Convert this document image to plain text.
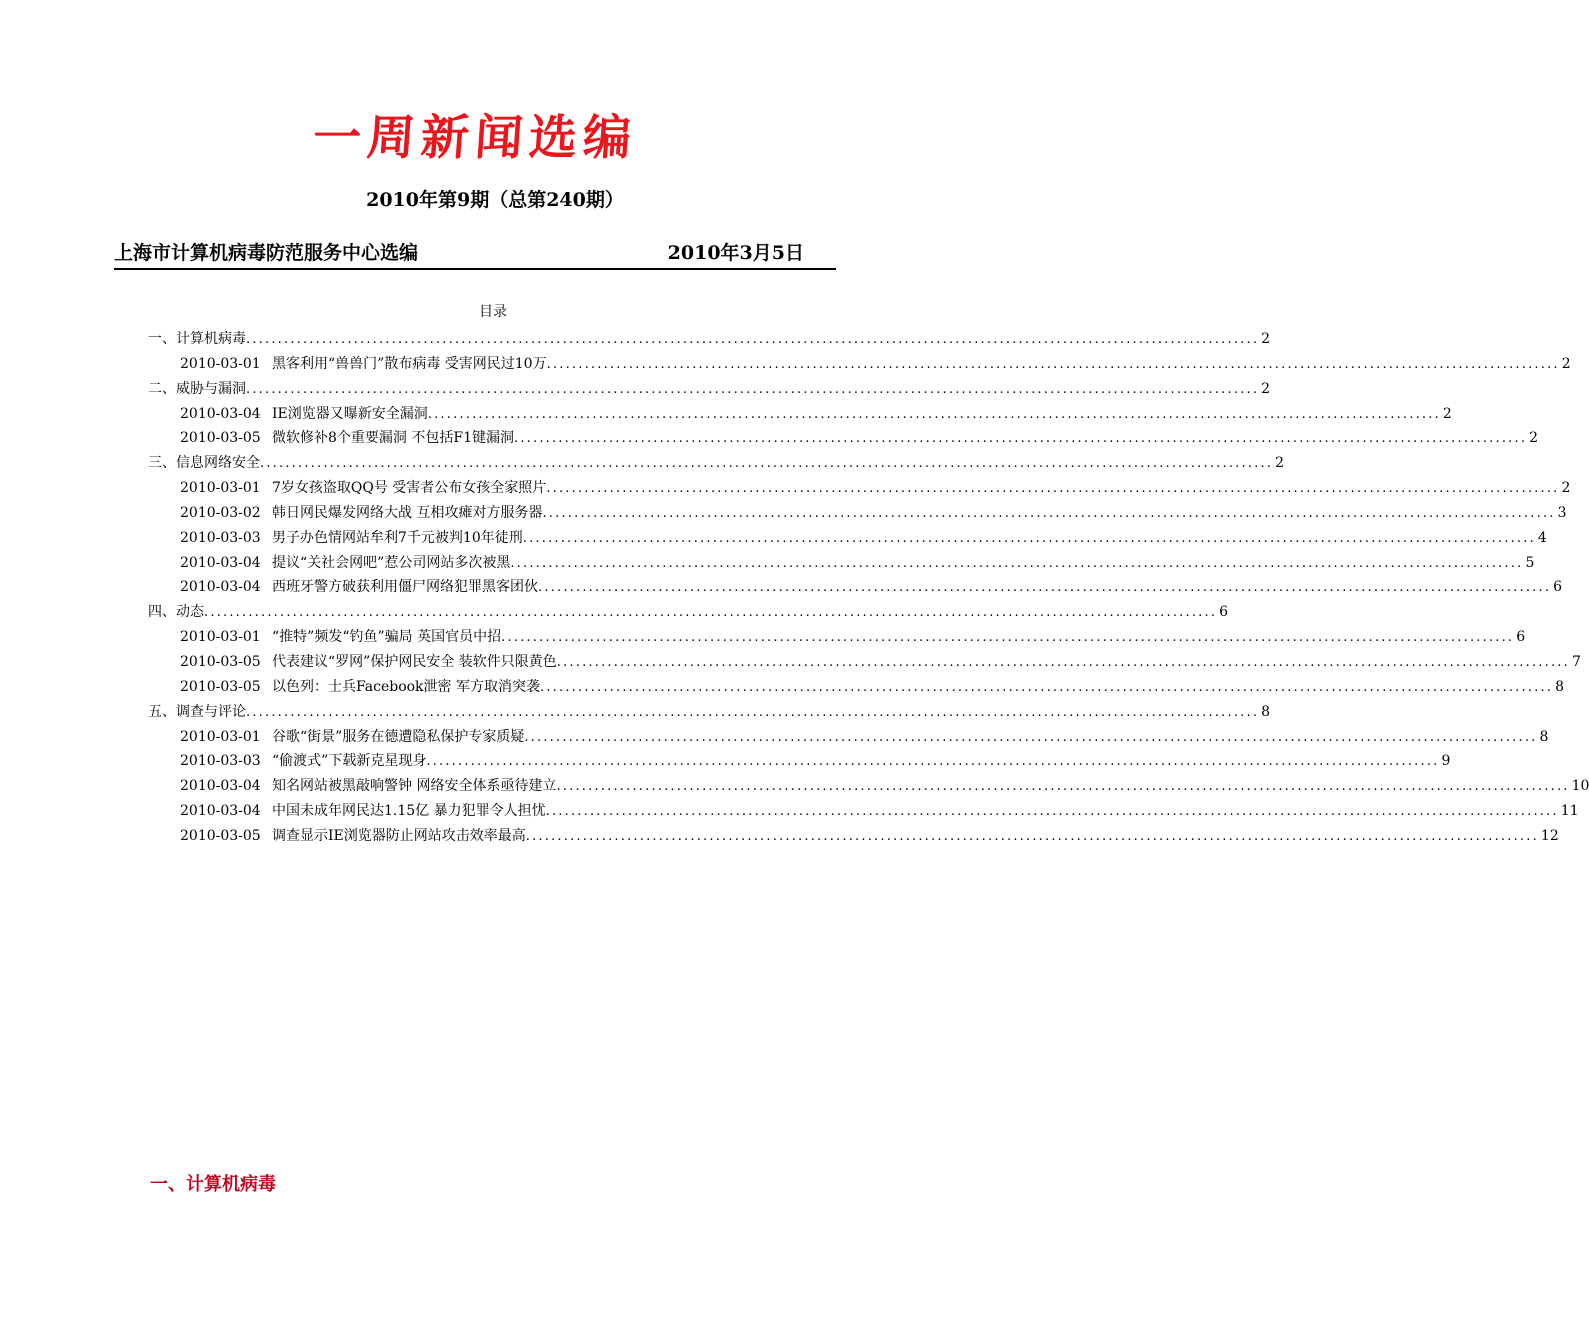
一周新闻选编
2010年第9期（总第240期）
上海市计算机病毒防范服务中心选编	2010年3月5日
目录
一、计算机病毒 ................................................................................................................................................................ 2
2010-03-01 黑客利用“兽兽门”散布病毒 受害网民过10万 ................................................................................................................................................................ 2
二、威胁与漏洞 ................................................................................................................................................................ 2
2010-03-04 IE浏览器又曝新安全漏洞 ................................................................................................................................................................ 2
2010-03-05 微软修补8个重要漏洞 不包括F1键漏洞 ................................................................................................................................................................ 2
三、信息网络安全 ................................................................................................................................................................ 2
2010-03-01 7岁女孩盗取QQ号 受害者公布女孩全家照片 ................................................................................................................................................................ 2
2010-03-02 韩日网民爆发网络大战 互相攻瘫对方服务器 ................................................................................................................................................................ 3
2010-03-03 男子办色情网站牟利7千元被判10年徒刑 ................................................................................................................................................................ 4
2010-03-04 提议“关社会网吧”惹公司网站多次被黑 ................................................................................................................................................................ 5
2010-03-04 西班牙警方破获利用僵尸网络犯罪黑客团伙 ................................................................................................................................................................ 6
四、动态 ................................................................................................................................................................ 6
2010-03-01 “推特”频发“钓鱼”骗局 英国官员中招 ................................................................................................................................................................ 6
2010-03-05 代表建议“罗网”保护网民安全 装软件只限黄色 ................................................................................................................................................................ 7
2010-03-05 以色列：士兵Facebook泄密 军方取消突袭 ................................................................................................................................................................ 8
五、调查与评论 ................................................................................................................................................................ 8
2010-03-01 谷歌“街景”服务在德遭隐私保护专家质疑 ................................................................................................................................................................ 8
2010-03-03 “偷渡式”下载新克星现身 ................................................................................................................................................................ 9
2010-03-04 知名网站被黑敲响警钟 网络安全体系亟待建立 ................................................................................................................................................................ 10
2010-03-04 中国未成年网民达1.15亿 暴力犯罪令人担忧 ................................................................................................................................................................ 11
2010-03-05 调查显示IE浏览器防止网站攻击效率最高 ................................................................................................................................................................ 12
一、计算机病毒
